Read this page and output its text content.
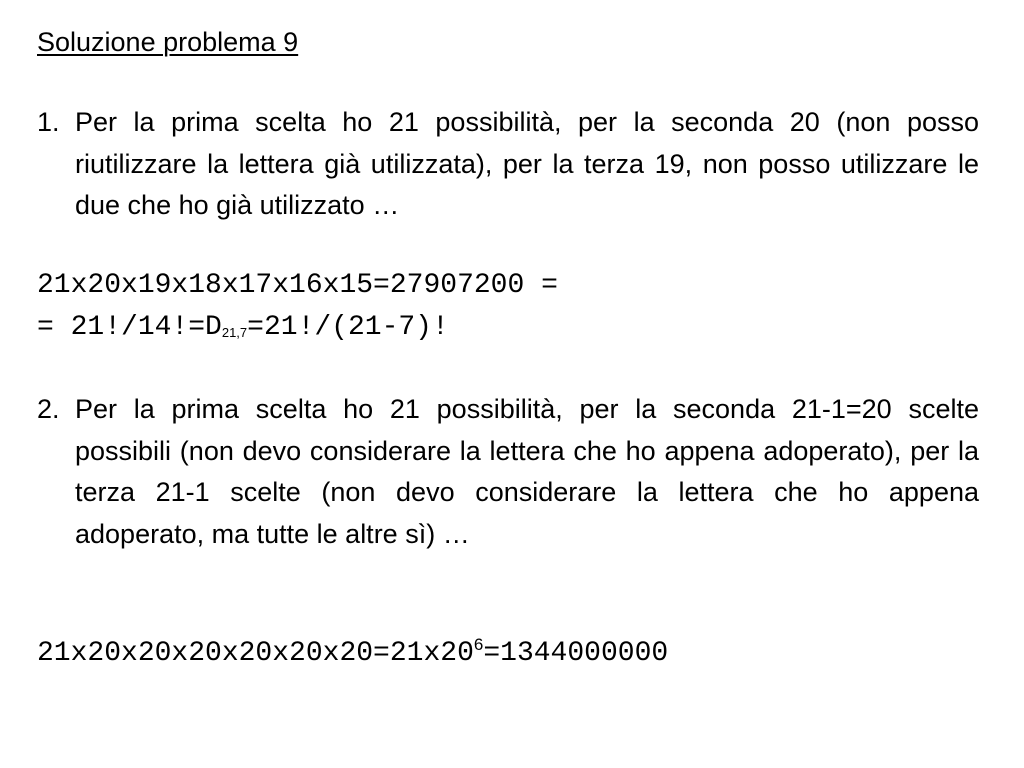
Soluzione problema 9
1. Per la prima scelta ho 21 possibilità, per la seconda 20 (non posso riutilizzare la lettera già utilizzata), per la terza 19, non posso utilizzare le due che ho già utilizzato …
21x20x19x18x17x16x15=27907200 =
= $21!/14!=D_{21,7}=21!/(21-7)$!
2. Per la prima scelta ho 21 possibilità, per la seconda 21-1=20 scelte possibili (non devo considerare la lettera che ho appena adoperato), per la terza 21-1 scelte (non devo considerare la lettera che ho appena adoperato, ma tutte le altre sì) …
$21x20x20x20x20x20x20=21x20^6=1344000000$
